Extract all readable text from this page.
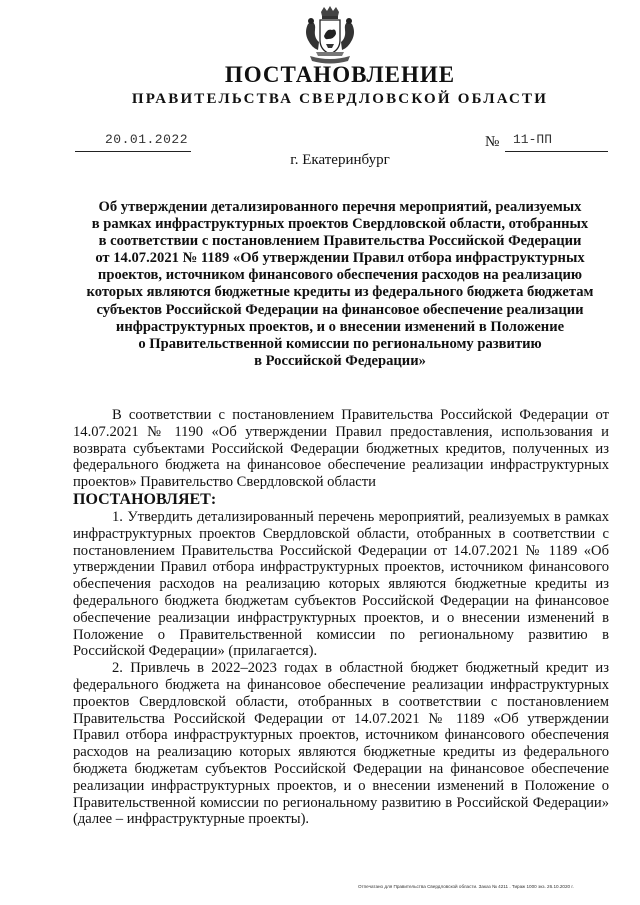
ПОСТАНОВЛЕНИЕ
ПРАВИТЕЛЬСТВА СВЕРДЛОВСКОЙ ОБЛАСТИ
20.01.2022	№ 11-ПП
г. Екатеринбург
Об утверждении детализированного перечня мероприятий, реализуемых
в рамках инфраструктурных проектов Свердловской области, отобранных
в соответствии с постановлением Правительства Российской Федерации
от 14.07.2021 № 1189 «Об утверждении Правил отбора инфраструктурных
проектов, источником финансового обеспечения расходов на реализацию
которых являются бюджетные кредиты из федерального бюджета бюджетам
субъектов Российской Федерации на финансовое обеспечение реализации
инфраструктурных проектов, и о внесении изменений в Положение
о Правительственной комиссии по региональному развитию
в Российской Федерации»

В соответствии с постановлением Правительства Российской Федерации от 14.07.2021 № 1190 «Об утверждении Правил предоставления, использования и возврата субъектами Российской Федерации бюджетных кредитов, полученных из федерального бюджета на финансовое обеспечение реализации инфраструктурных проектов» Правительство Свердловской области

ПОСТАНОВЛЯЕТ:

1. Утвердить детализированный перечень мероприятий, реализуемых в рамках инфраструктурных проектов Свердловской области, отобранных в соответствии с постановлением Правительства Российской Федерации от 14.07.2021 № 1189 «Об утверждении Правил отбора инфраструктурных проектов, источником финансового обеспечения расходов на реализацию которых являются бюджетные кредиты из федерального бюджета бюджетам субъектов Российской Федерации на финансовое обеспечение реализации инфраструктурных проектов, и о внесении изменений в Положение о Правительственной комиссии по региональному развитию в Российской Федерации» (прилагается).

2. Привлечь в 2022–2023 годах в областной бюджет бюджетный кредит из федерального бюджета на финансовое обеспечение реализации инфраструктурных проектов Свердловской области, отобранных в соответствии с постановлением Правительства Российской Федерации от 14.07.2021 № 1189 «Об утверждении Правил отбора инфраструктурных проектов, источником финансового обеспечения расходов на реализацию которых являются бюджетные кредиты из федерального бюджета бюджетам субъектов Российской Федерации на финансовое обеспечение реализации инфраструктурных проектов, и о внесении изменений в Положение о Правительственной комиссии по региональному развитию в Российской Федерации» (далее – инфраструктурные проекты).

Отпечатано для Правительства Свердловской области. Заказ № 4211 . Тираж 1000 экз. 26.10.2020 г.
